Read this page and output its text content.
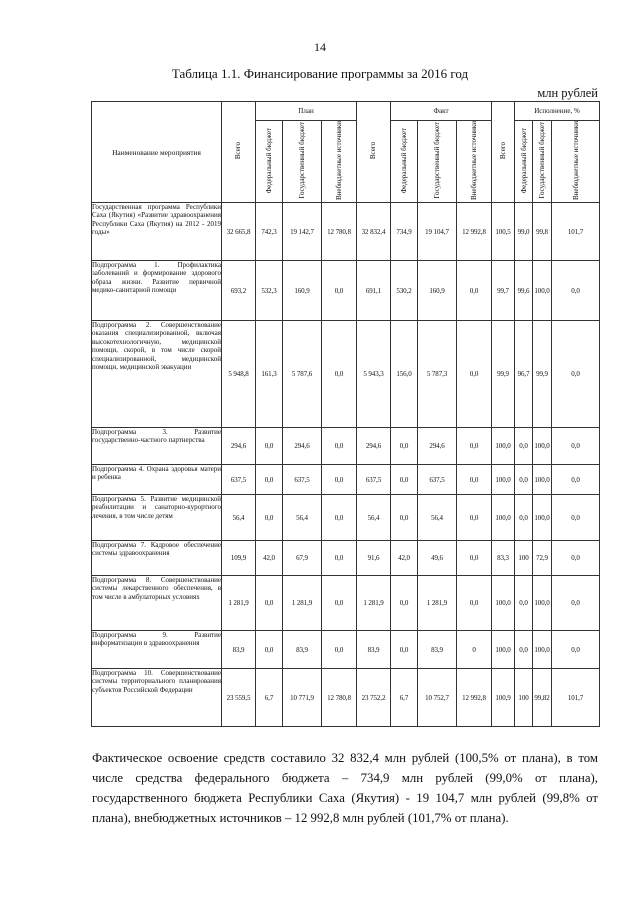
14
Таблица 1.1. Финансирование программы за 2016 год
млн рублей
Наименование мероприятия	Всего	План			Всего	Факт			Всего	Исполнение, %		
		Федеральный бюджет	Государственный бюджет	Внебюджетные источники		Федеральный бюджет	Государственный бюджет	Внебюджетные источники		Федеральный бюджет	Государственный бюджет	Внебюджетные источники
Государственная программа Республики Саха (Якутия) «Развитие здравоохранения Республики Саха (Якутия) на 2012 - 2019 годы»	32 665,8	742,3	19 142,7	12 780,8	32 832,4	734,9	19 104,7	12 992,8	100,5	99,0	99,8	101,7
Подпрограмма 1. Профилактика заболеваний и формирование здорового образа жизни. Развитие первичной медико-санитарной помощи	693,2	532,3	160,9	0,0	691,1	530,2	160,9	0,0	99,7	99,6	100,0	0,0
Подпрограмма 2. Совершенствование оказания специализированной, включая высокотехнологичную, медицинской помощи, скорой, в том числе скорой специализированной, медицинской помощи, медицинской эвакуации	5 948,8	161,3	5 787,6	0,0	5 943,3	156,0	5 787,3	0,0	99,9	96,7	99,9	0,0
Подпрограмма 3. Развитие государственно-частного партнерства	294,6	0,0	294,6	0,0	294,6	0,0	294,6	0,0	100,0	0,0	100,0	0,0
Подпрограмма 4. Охрана здоровья матери и ребенка	637,5	0,0	637,5	0,0	637,5	0,0	637,5	0,0	100,0	0,0	100,0	0,0
Подпрограмма 5. Развитие медицинской реабилитации и санаторно-курортного лечения, в том числе детям	56,4	0,0	56,4	0,0	56,4	0,0	56,4	0,0	100,0	0,0	100,0	0,0
Подпрограмма 7. Кадровое обеспечение системы здравоохранения	109,9	42,0	67,9	0,0	91,6	42,0	49,6	0,0	83,3	100	72,9	0,0
Подпрограмма 8. Совершенствование системы лекарственного обеспечения, в том числе в амбулаторных условиях	1 281,9	0,0	1 281,9	0,0	1 281,9	0,0	1 281,9	0,0	100,0	0,0	100,0	0,0
Подпрограмма 9. Развитие информатизации в здравоохранения	83,9	0,0	83,9	0,0	83,9	0,0	83,9	0	100,0	0,0	100,0	0,0
Подпрограмма 10. Совершенствование системы территориального планирования субъектов Российской Федерации	23 559,5	6,7	10 771,9	12 780,8	23 752,2	6,7	10 752,7	12 992,8	100,9	100	99,82	101,7
Фактическое освоение средств составило 32 832,4 млн рублей (100,5% от плана), в том числе средства федерального бюджета – 734,9 млн рублей (99,0% от плана), государственного бюджета Республики Саха (Якутия) - 19 104,7 млн рублей (99,8% от плана), внебюджетных источников – 12 992,8 млн рублей (101,7% от плана).
